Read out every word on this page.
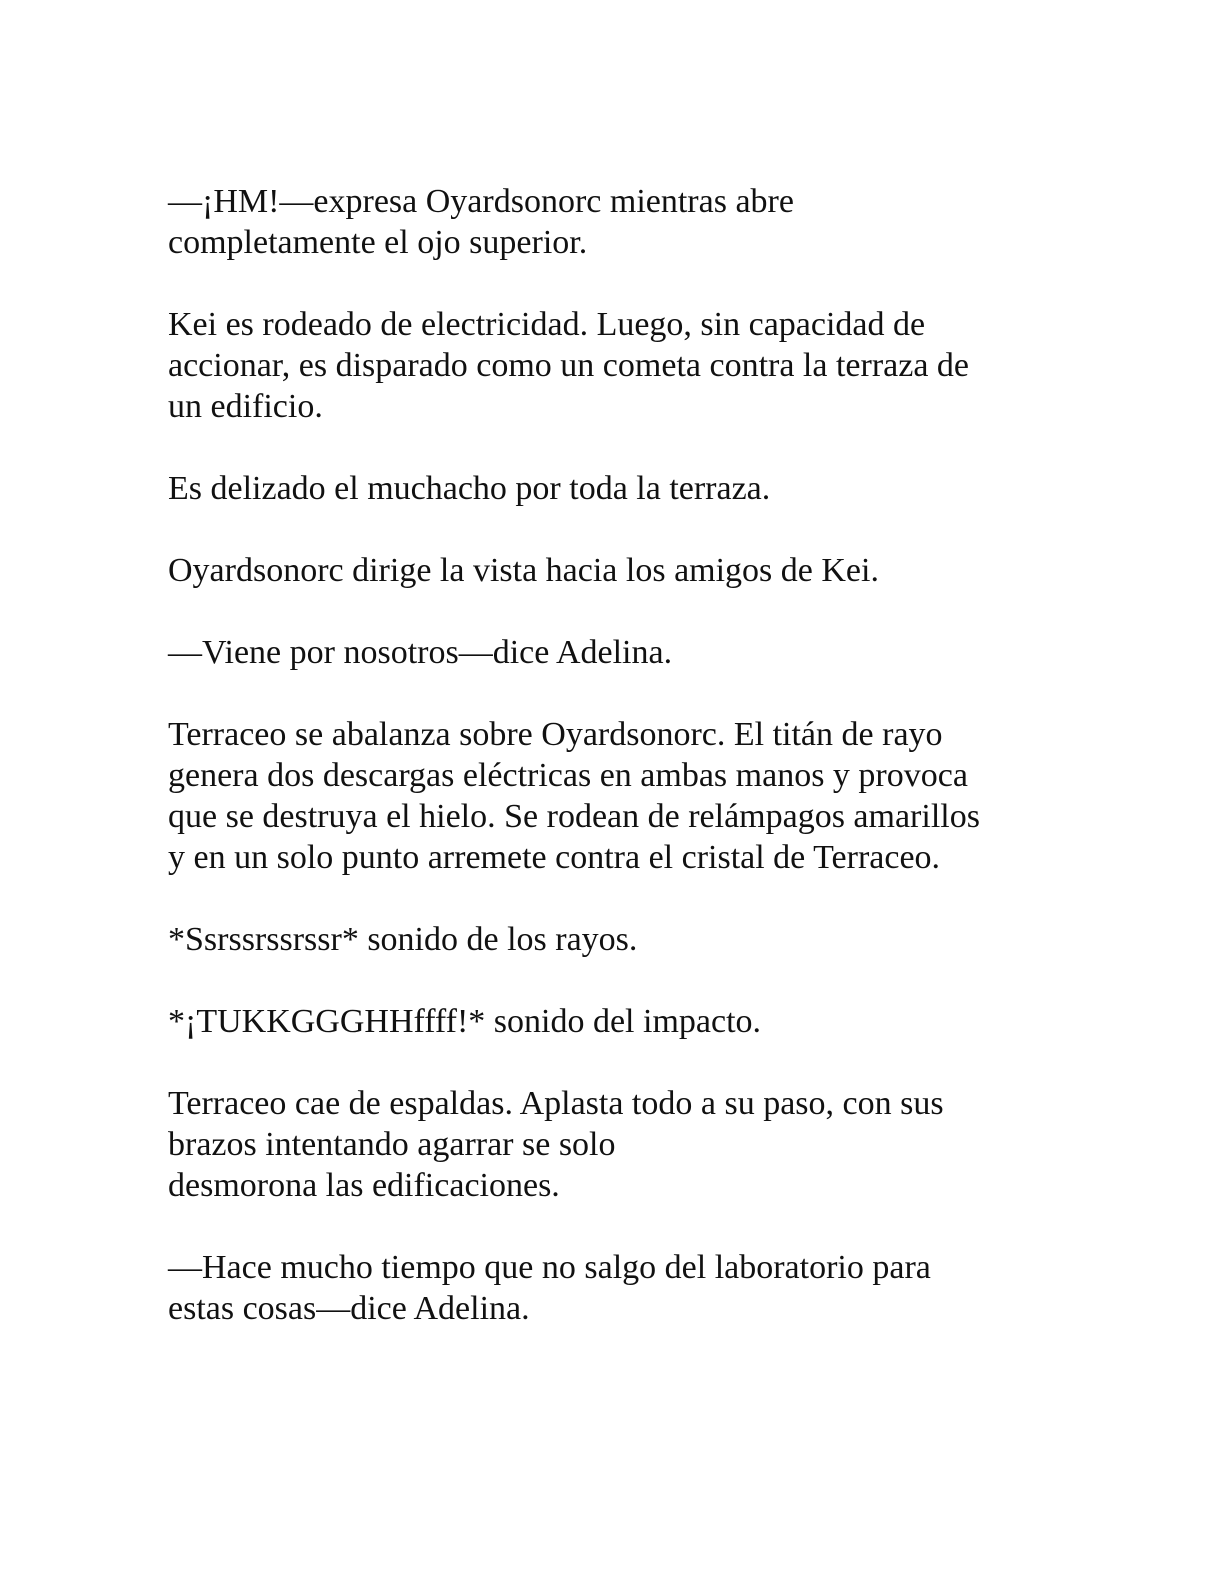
—¡HM!—expresa Oyardsonorc mientras abre
completamente el ojo superior.

Kei es rodeado de electricidad. Luego, sin capacidad de
accionar, es disparado como un cometa contra la terraza de
un edificio.

Es delizado el muchacho por toda la terraza.

Oyardsonorc dirige la vista hacia los amigos de Kei.

—Viene por nosotros—dice Adelina.

Terraceo se abalanza sobre Oyardsonorc. El titán de rayo
genera dos descargas eléctricas en ambas manos y provoca
que se destruya el hielo. Se rodean de relámpagos amarillos
y en un solo punto arremete contra el cristal de Terraceo.

*Ssrssrssrssr* sonido de los rayos.

*¡TUKKGGGHHffff!* sonido del impacto.

Terraceo cae de espaldas. Aplasta todo a su paso, con sus
brazos intentando agarrar se solo
desmorona las edificaciones.

—Hace mucho tiempo que no salgo del laboratorio para
estas cosas—dice Adelina.
